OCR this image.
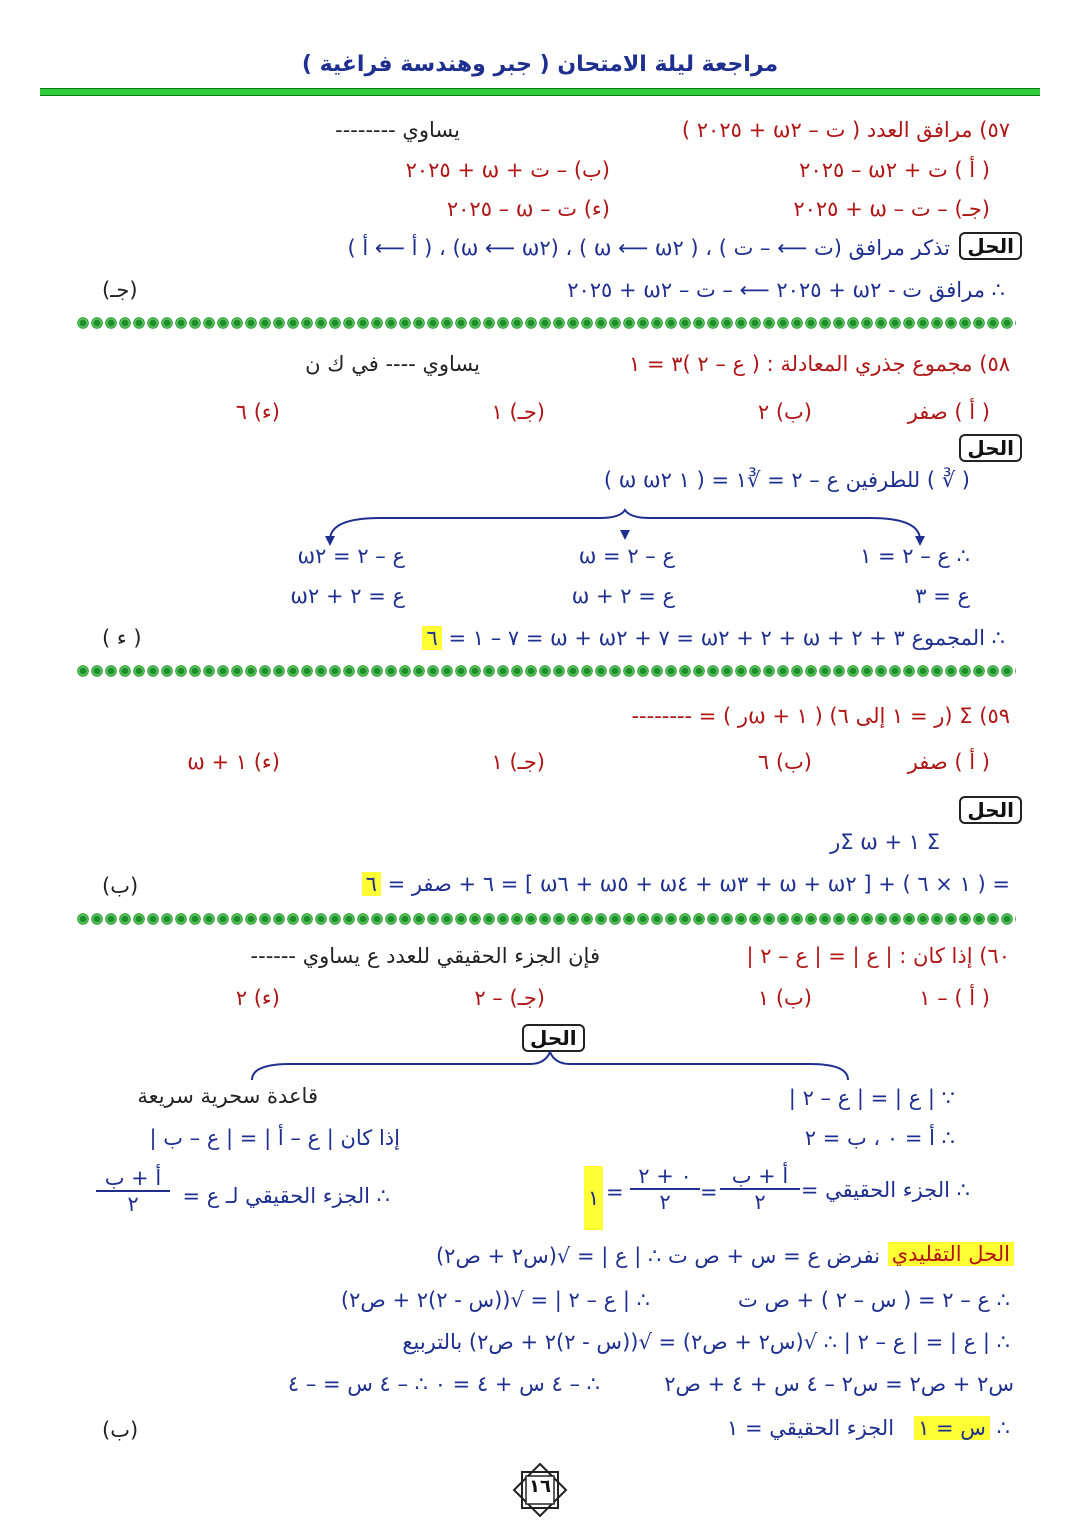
مراجعة ليلة الامتحان ( جبر وهندسة فراغية )
٥٧) مرافق العدد ( ت – ω٢ + ٢٠٢٥ )
يساوي --------
( أ ) ت + ω٢ – ٢٠٢٥
(ب) – ت + ω + ٢٠٢٥
(جـ) – ت – ω + ٢٠٢٥
(ء) ت – ω – ٢٠٢٥
الحل
تذكر مرافق (ت ⟵ – ت ) ، ( ω ⟵ ω٢ ) ، (ω٢ ⟵ ω) ، ( أ ⟵ أ )
∴ مرافق ت - ω٢ + ٢٠٢٥ ⟵ – ت – ω٢ + ٢٠٢٥
(جـ)
٥٨) مجموع جذري المعادلة : ( ع – ٢ )٣ = ١
يساوي ---- في ك ن
( أ ) صفر
(ب) ٢
(جـ) ١
(ء) ٦
الحل
( ∛ ) للطرفين ع – ٢ = ∛١ = ( ١ ω ω٢ )
∴ ع – ٢ = ١
ع = ٣
ع – ٢ = ω
ع = ٢ + ω
ع – ٢ = ω٢
ع = ٢ + ω٢
∴ المجموع ٣ + ٢ + ω + ٢ + ω٢ = ٧ + ω + ω٢ = ٧ – ١ = ٦
( ء )
٥٩) Σ (ر = ١ إلى ٦) ( ١ + ωر ) = --------
( أ ) صفر
(ب) ٦
(جـ) ١
(ء) ١ + ω
الحل
Σ ١ + Σ ωر
= ( ١ × ٦ ) + [ ω + ω٢ + ω٣ + ω٤ + ω٥ + ω٦ ] = ٦ + صفر = ٦
(ب)
٦٠) إذا كان : | ع | = | ع – ٢ |
فإن الجزء الحقيقي للعدد ع يساوي ------
( أ ) – ١
(ب) ١
(جـ) – ٢
(ء) ٢
الحل
∵ | ع | = | ع – ٢ |
∴ أ = ٠ ، ب = ٢
∴ الجزء الحقيقي =
أ + ب
٢
=
٠ + ٢
٢
=
١
قاعدة سحرية سريعة
إذا كان | ع – أ | = | ع – ب |
∴ الجزء الحقيقي لـ ع =
أ + ب
٢
الحل التقليدي
نفرض ع = س + ص ت ∴ | ع | = √(س٢ + ص٢)
∴ ع – ٢ = ( س – ٢ ) + ص ت
∴ | ع – ٢ | = √((س - ٢)٢ + ص٢)
∴ | ع | = | ع – ٢ | ∴ √(س٢ + ص٢) = √((س - ٢)٢ + ص٢) بالتربيع
س٢ + ص٢ = س٢ – ٤ س + ٤ + ص٢
∴ – ٤ س + ٤ = ٠ ∴ – ٤ س = – ٤
∴ س = ١   الجزء الحقيقي = ١
(ب)
١٦
